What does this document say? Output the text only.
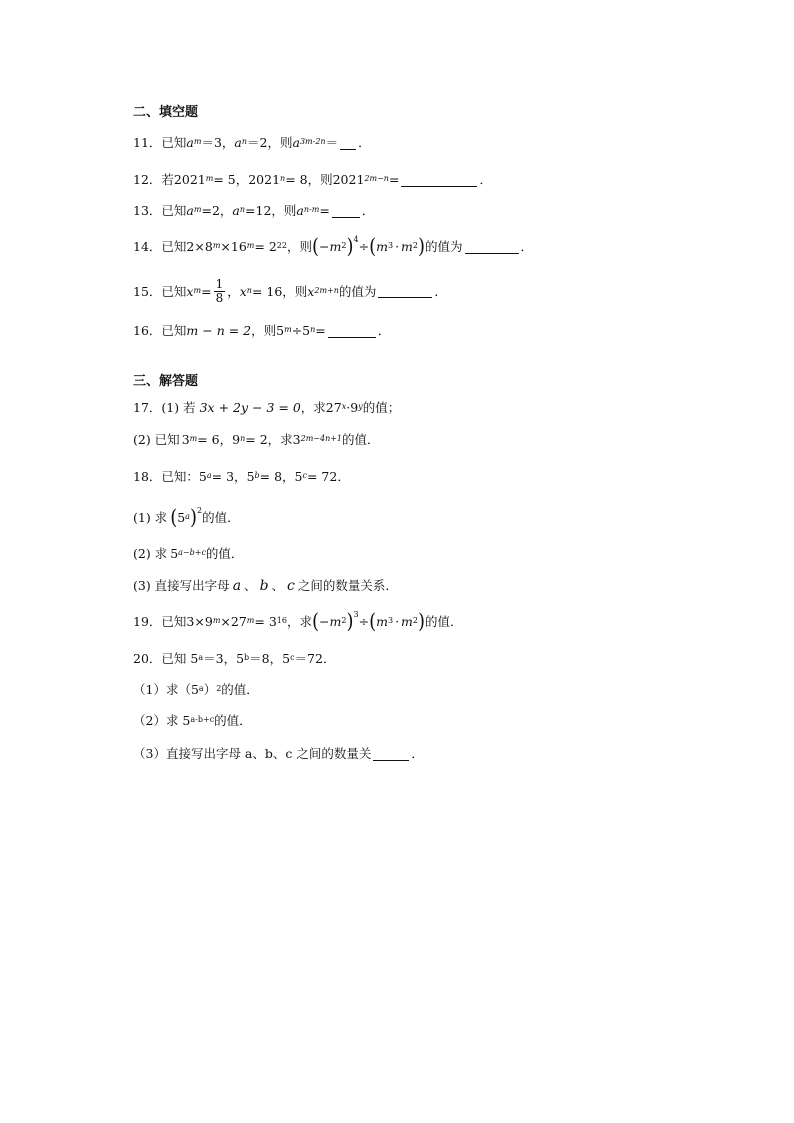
二、填空题
11． 已知 $a^m =3$， $a^n =2$，则 $a^{3m-2n}$ ＝ ．
12． 若 $2021^m = 5$， $2021^n = 8$，则 $2021^{2m-n}$ =	．
13． 已知 $a^m =2$， $a^n =12$，则 $a^{n-m}$ =	．
14． 已知 $2\times 8^m \times 16^m = 2^{22}$ ，则 ( − $m^2$ )$^4$ ÷ ( $m^3 \cdot m^2$ ) 的值为	．
15． 已知 $x^m = \frac{1}{8}$ ， $x^n = 16$，则 $x^{2m+n}$ 的值为	．
16． 已知 m − n = 2 ，则 $5^m \div 5^n$ =	．
三、解答题
17． (1) 若 3x + 2y − 3 = 0 ，求 $27^x \cdot 9^y$ 的值；
(2) 已知 $3^m = 6$， $9^n = 2$，求 $3^{2m-4n+1}$ 的值．
18． 已知： $5^a = 3$， $5^b = 8$， $5^c = 72$．
(1) 求 ( 5$^a$ )$^2$ 的值．
(2) 求 $5^{a-b+c}$ 的值．
(3) 直接写出字母 a 、 b 、 c 之间的数量关系．
19． 已知 $3\times 9^m \times 27^m = 3^{16}$ ，求 ( − $m^2$ )$^3$ ÷ ( $m^3 \cdot m^2$ ) 的值．
20． 已知 $5^a =3$，$5^b =8$，$5^c =72$．
（1）求（5$^a$ ）$^2$ 的值．
（2）求 $5^{a-b+c}$ 的值．
（3）直接写出字母 a、b、c 之间的数量关	．
